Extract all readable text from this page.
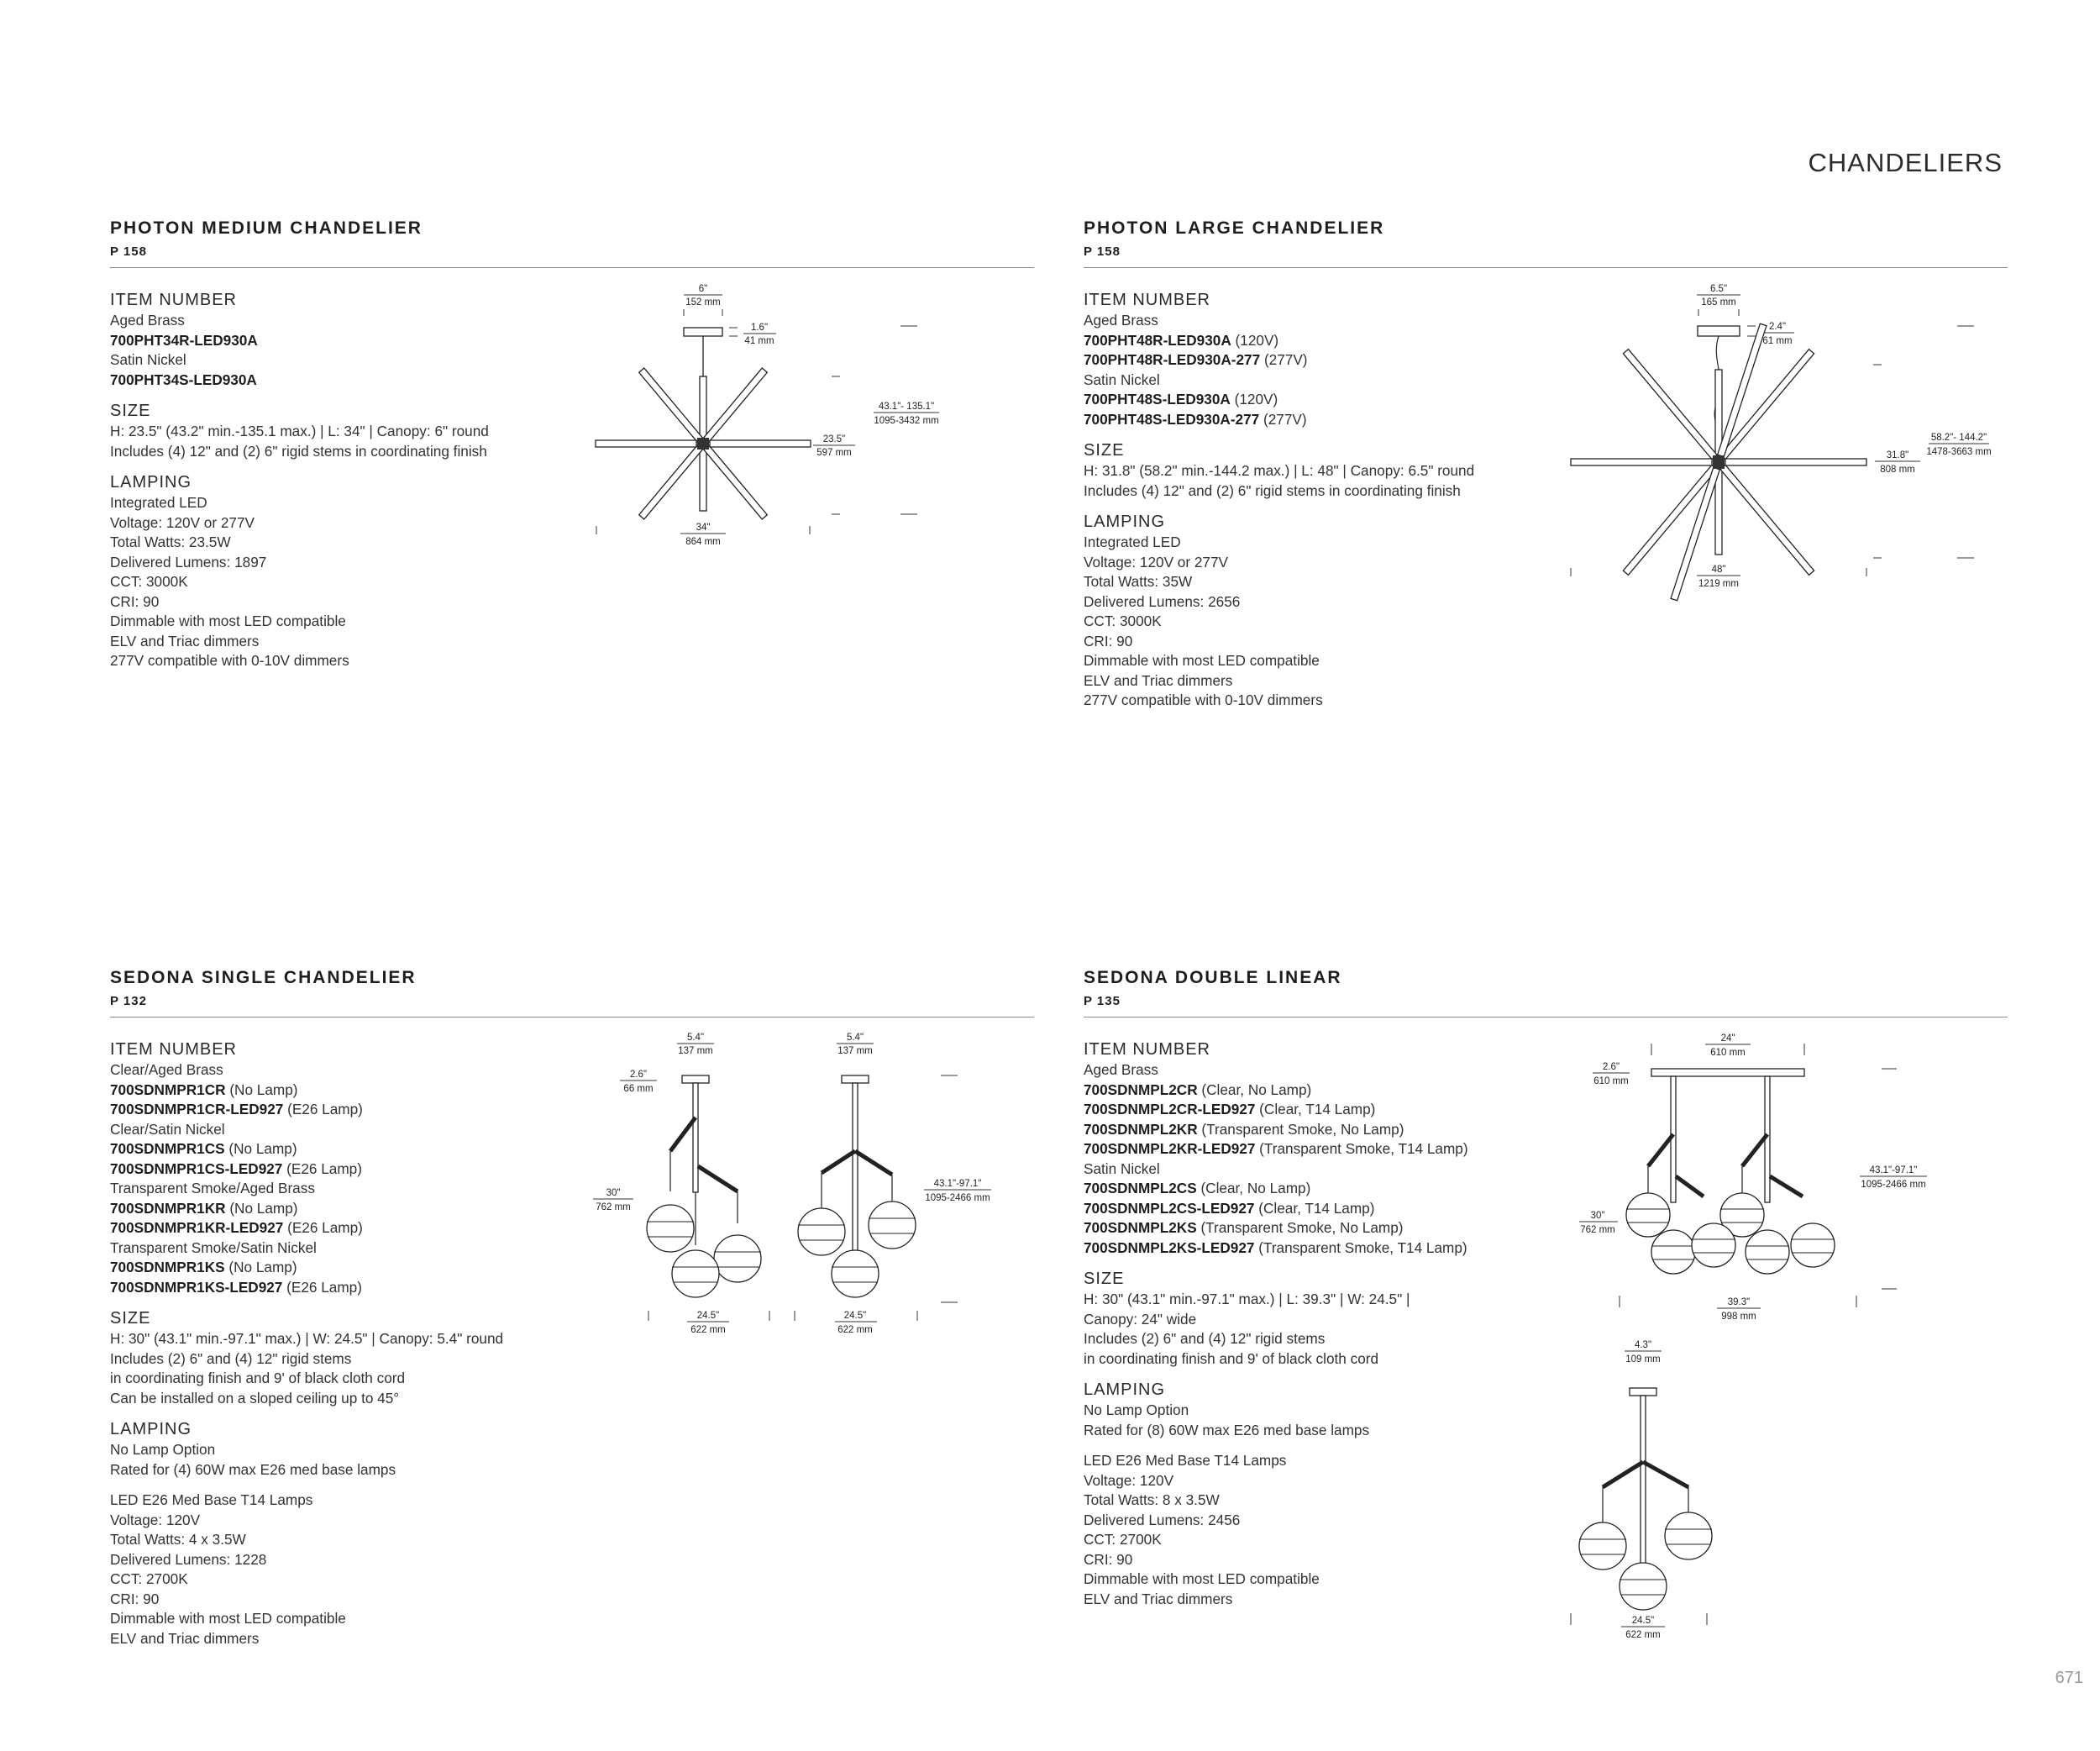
CHANDELIERS
PHOTON MEDIUM CHANDELIER
P 158
ITEM NUMBER
Aged Brass
700PHT34R-LED930A
Satin Nickel
700PHT34S-LED930A
SIZE
H: 23.5" (43.2" min.-135.1 max.) | L: 34" | Canopy: 6" round
Includes (4) 12" and (2) 6" rigid stems in coordinating finish
LAMPING
Integrated LED
Voltage: 120V or 277V
Total Watts: 23.5W
Delivered Lumens: 1897
CCT: 3000K
CRI: 90
Dimmable with most LED compatible
ELV and Triac dimmers
277V compatible with 0-10V dimmers
6"
152 mm
1.6"
41 mm
43.1"- 135.1"
1095-3432 mm
23.5"
597 mm
34"
864 mm
PHOTON LARGE CHANDELIER
P 158
ITEM NUMBER
Aged Brass
700PHT48R-LED930A (120V)
700PHT48R-LED930A-277 (277V)
Satin Nickel
700PHT48S-LED930A (120V)
700PHT48S-LED930A-277 (277V)
SIZE
H: 31.8" (58.2" min.-144.2 max.) | L: 48" | Canopy: 6.5" round
Includes (4) 12" and (2) 6" rigid stems in coordinating finish
LAMPING
Integrated LED
Voltage: 120V or 277V
Total Watts: 35W
Delivered Lumens: 2656
CCT: 3000K
CRI: 90
Dimmable with most LED compatible
ELV and Triac dimmers
277V compatible with 0-10V dimmers
6.5"
165 mm
2.4"
61 mm
58.2"- 144.2"
1478-3663 mm
31.8"
808 mm
48"
1219 mm
SEDONA SINGLE CHANDELIER
P 132
ITEM NUMBER
Clear/Aged Brass
700SDNMPR1CR (No Lamp)
700SDNMPR1CR-LED927 (E26 Lamp)
Clear/Satin Nickel
700SDNMPR1CS (No Lamp)
700SDNMPR1CS-LED927 (E26 Lamp)
Transparent Smoke/Aged Brass
700SDNMPR1KR (No Lamp)
700SDNMPR1KR-LED927 (E26 Lamp)
Transparent Smoke/Satin Nickel
700SDNMPR1KS (No Lamp)
700SDNMPR1KS-LED927 (E26 Lamp)
SIZE
H: 30" (43.1" min.-97.1" max.) | W: 24.5" | Canopy: 5.4" round
Includes (2) 6" and (4) 12" rigid stems
in coordinating finish and 9' of black cloth cord
Can be installed on a sloped ceiling up to 45°
LAMPING
No Lamp Option
Rated for (4) 60W max E26 med base lamps
LED E26 Med Base T14 Lamps
Voltage: 120V
Total Watts: 4 x 3.5W
Delivered Lumens: 1228
CCT: 2700K
CRI: 90
Dimmable with most LED compatible
ELV and Triac dimmers
5.4"
137 mm
2.6"
66 mm
30"
762 mm
24.5"
622 mm
5.4"
137 mm
43.1"-97.1"
1095-2466 mm
24.5"
622 mm
SEDONA DOUBLE LINEAR
P 135
ITEM NUMBER
Aged Brass
700SDNMPL2CR (Clear, No Lamp)
700SDNMPL2CR-LED927 (Clear, T14 Lamp)
700SDNMPL2KR (Transparent Smoke, No Lamp)
700SDNMPL2KR-LED927 (Transparent Smoke, T14 Lamp)
Satin Nickel
700SDNMPL2CS (Clear, No Lamp)
700SDNMPL2CS-LED927 (Clear, T14 Lamp)
700SDNMPL2KS (Transparent Smoke, No Lamp)
700SDNMPL2KS-LED927 (Transparent Smoke, T14 Lamp)
SIZE
H: 30" (43.1" min.-97.1" max.) | L: 39.3" | W: 24.5" |
Canopy: 24" wide
Includes (2) 6" and (4) 12" rigid stems
in coordinating finish and 9' of black cloth cord
LAMPING
No Lamp Option
Rated for (8) 60W max E26 med base lamps
LED E26 Med Base T14 Lamps
Voltage: 120V
Total Watts: 8 x 3.5W
Delivered Lumens: 2456
CCT: 2700K
CRI: 90
Dimmable with most LED compatible
ELV and Triac dimmers
24"
610 mm
2.6"
610 mm
30"
762 mm
43.1"-97.1"
1095-2466 mm
39.3"
998 mm
4.3"
109 mm
24.5"
622 mm
671
